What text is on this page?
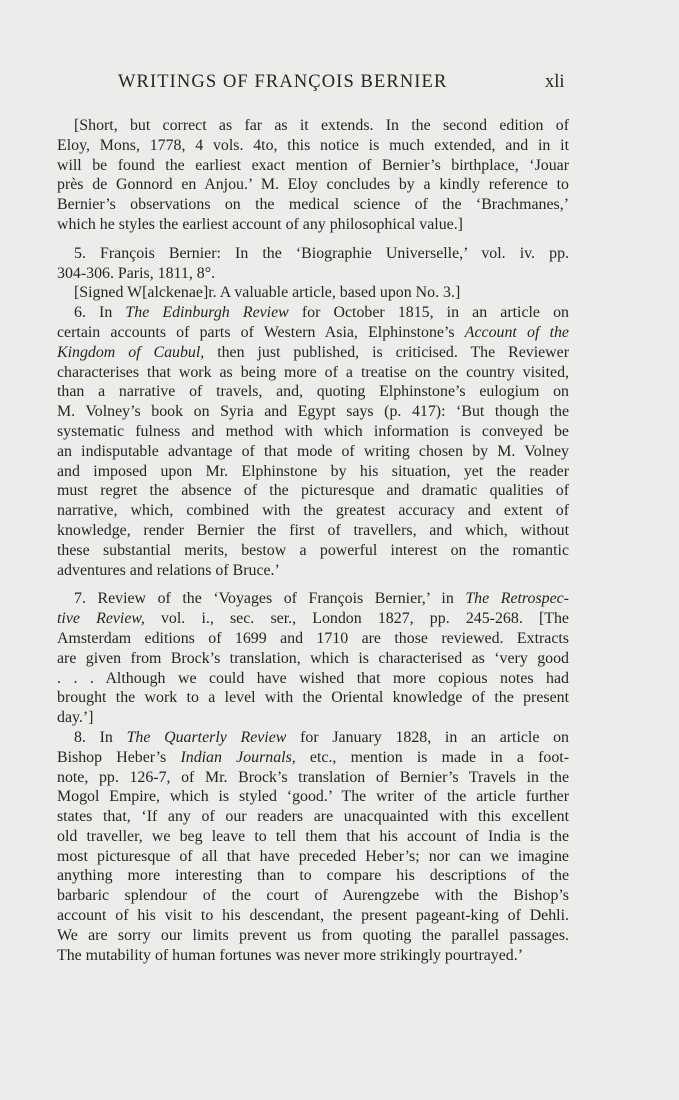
WRITINGS OF FRANÇOIS BERNIER	xli

[Short, but correct as far as it extends. In the second edition of
Eloy, Mons, 1778, 4 vols. 4to, this notice is much extended, and in it
will be found the earliest exact mention of Bernier’s birthplace, ‘Jouar
près de Gonnord en Anjou.’ M. Eloy concludes by a kindly reference to
Bernier’s observations on the medical science of the ‘Brachmanes,’
which he styles the earliest account of any philosophical value.]

5. François Bernier: In the ‘Biographie Universelle,’ vol. iv. pp.
304-306. Paris, 1811, 8°.

[Signed W[alckenae]r. A valuable article, based upon No. 3.]

6. In The Edinburgh Review for October 1815, in an article on
certain accounts of parts of Western Asia, Elphinstone’s Account of the
Kingdom of Caubul, then just published, is criticised. The Reviewer
characterises that work as being more of a treatise on the country visited,
than a narrative of travels, and, quoting Elphinstone’s eulogium on
M. Volney’s book on Syria and Egypt says (p. 417): ‘But though the
systematic fulness and method with which information is conveyed be
an indisputable advantage of that mode of writing chosen by M. Volney
and imposed upon Mr. Elphinstone by his situation, yet the reader
must regret the absence of the picturesque and dramatic qualities of
narrative, which, combined with the greatest accuracy and extent of
knowledge, render Bernier the first of travellers, and which, without
these substantial merits, bestow a powerful interest on the romantic
adventures and relations of Bruce.’

7. Review of the ‘Voyages of François Bernier,’ in The Retrospec-
tive Review, vol. i., sec. ser., London 1827, pp. 245-268. [The
Amsterdam editions of 1699 and 1710 are those reviewed. Extracts
are given from Brock’s translation, which is characterised as ‘very good
. . . Although we could have wished that more copious notes had
brought the work to a level with the Oriental knowledge of the present
day.’]

8. In The Quarterly Review for January 1828, in an article on
Bishop Heber’s Indian Journals, etc., mention is made in a foot-
note, pp. 126-7, of Mr. Brock’s translation of Bernier’s Travels in the
Mogol Empire, which is styled ‘good.’ The writer of the article further
states that, ‘If any of our readers are unacquainted with this excellent
old traveller, we beg leave to tell them that his account of India is the
most picturesque of all that have preceded Heber’s; nor can we imagine
anything more interesting than to compare his descriptions of the
barbaric splendour of the court of Aurengzebe with the Bishop’s
account of his visit to his descendant, the present pageant-king of Dehli.
We are sorry our limits prevent us from quoting the parallel passages.
The mutability of human fortunes was never more strikingly pourtrayed.’
